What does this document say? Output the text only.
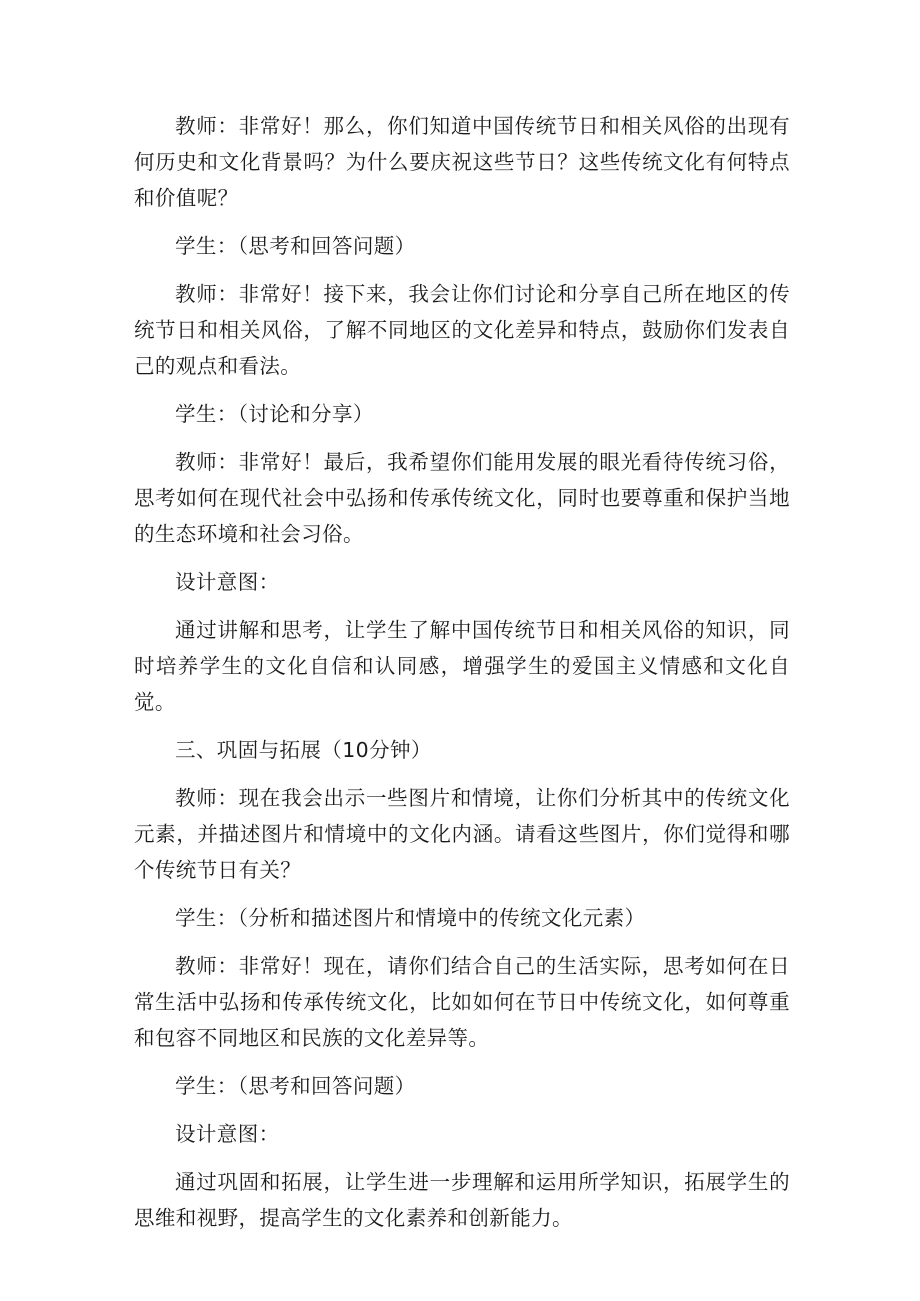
教师：非常好！那么，你们知道中国传统节日和相关风俗的出现有何历史和文化背景吗？为什么要庆祝这些节日？这些传统文化有何特点和价值呢？

学生：（思考和回答问题）

教师：非常好！接下来，我会让你们讨论和分享自己所在地区的传统节日和相关风俗，了解不同地区的文化差异和特点，鼓励你们发表自己的观点和看法。

学生：（讨论和分享）

教师：非常好！最后，我希望你们能用发展的眼光看待传统习俗，思考如何在现代社会中弘扬和传承传统文化，同时也要尊重和保护当地的生态环境和社会习俗。

设计意图：

通过讲解和思考，让学生了解中国传统节日和相关风俗的知识，同时培养学生的文化自信和认同感，增强学生的爱国主义情感和文化自觉。

三、巩固与拓展（10分钟）

教师：现在我会出示一些图片和情境，让你们分析其中的传统文化元素，并描述图片和情境中的文化内涵。请看这些图片，你们觉得和哪个传统节日有关？

学生：（分析和描述图片和情境中的传统文化元素）

教师：非常好！现在，请你们结合自己的生活实际，思考如何在日常生活中弘扬和传承传统文化，比如如何在节日中传统文化，如何尊重和包容不同地区和民族的文化差异等。

学生：（思考和回答问题）

设计意图：

通过巩固和拓展，让学生进一步理解和运用所学知识，拓展学生的思维和视野，提高学生的文化素养和创新能力。
